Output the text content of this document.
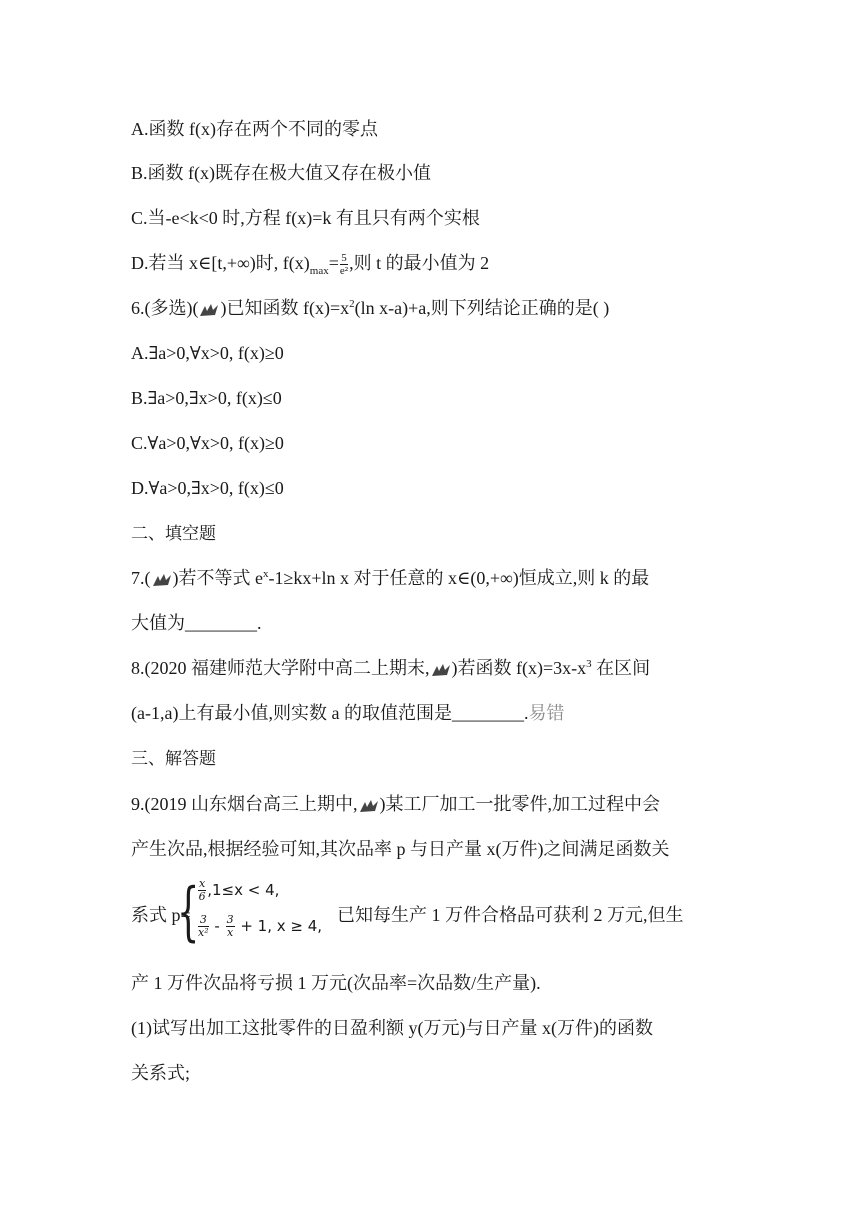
A.函数 f(x)存在两个不同的零点
B.函数 f(x)既存在极大值又存在极小值
C.当-e<k<0 时,方程 f(x)=k 有且只有两个实根
D.若当 x∈[t,+∞)时, $f(x)_{max}= \frac{5}{\text{e²}}$ ,则 t 的最小值为 2
6.(多选)( )已知函数 $f(x)=x^2(\ln$ x-a)+a,则下列结论正确的是( )
A.∃a>0,∀x>0, f(x)≥0
B.∃a>0,∃x>0, f(x)≤0
C.∀a>0,∀x>0, f(x)≥0
D.∀a>0,∃x>0, f(x)≤0
二、填空题
7.( )若不等式 $e^x-1\ge kx+\ln$ x 对于任意的 x∈(0,+∞)恒成立,则 k 的最
大值为________.
8.(2020 福建师范大学附中高二上期末, )若函数 $f(x)=3x-x^3$ 在区间
(a-1,a)上有最小值,则实数 a 的取值范围是________.易错
三、解答题
9.(2019 山东烟台高三上期中, )某工厂加工一批零件,加工过程中会
产生次品,根据经验可知,其次品率 p 与日产量 x(万件)之间满足函数关
系式 p=
{
$\frac{x}{6} ,1\le x < 4$,
$\frac{3}{\text{x²}} - \frac{3}{x} + 1$, x ≥ 4,
已知每生产 1 万件合格品可获利 2 万元,但生
产 1 万件次品将亏损 1 万元(次品率=次品数/生产量).
(1)试写出加工这批零件的日盈利额 y(万元)与日产量 x(万件)的函数
关系式;
